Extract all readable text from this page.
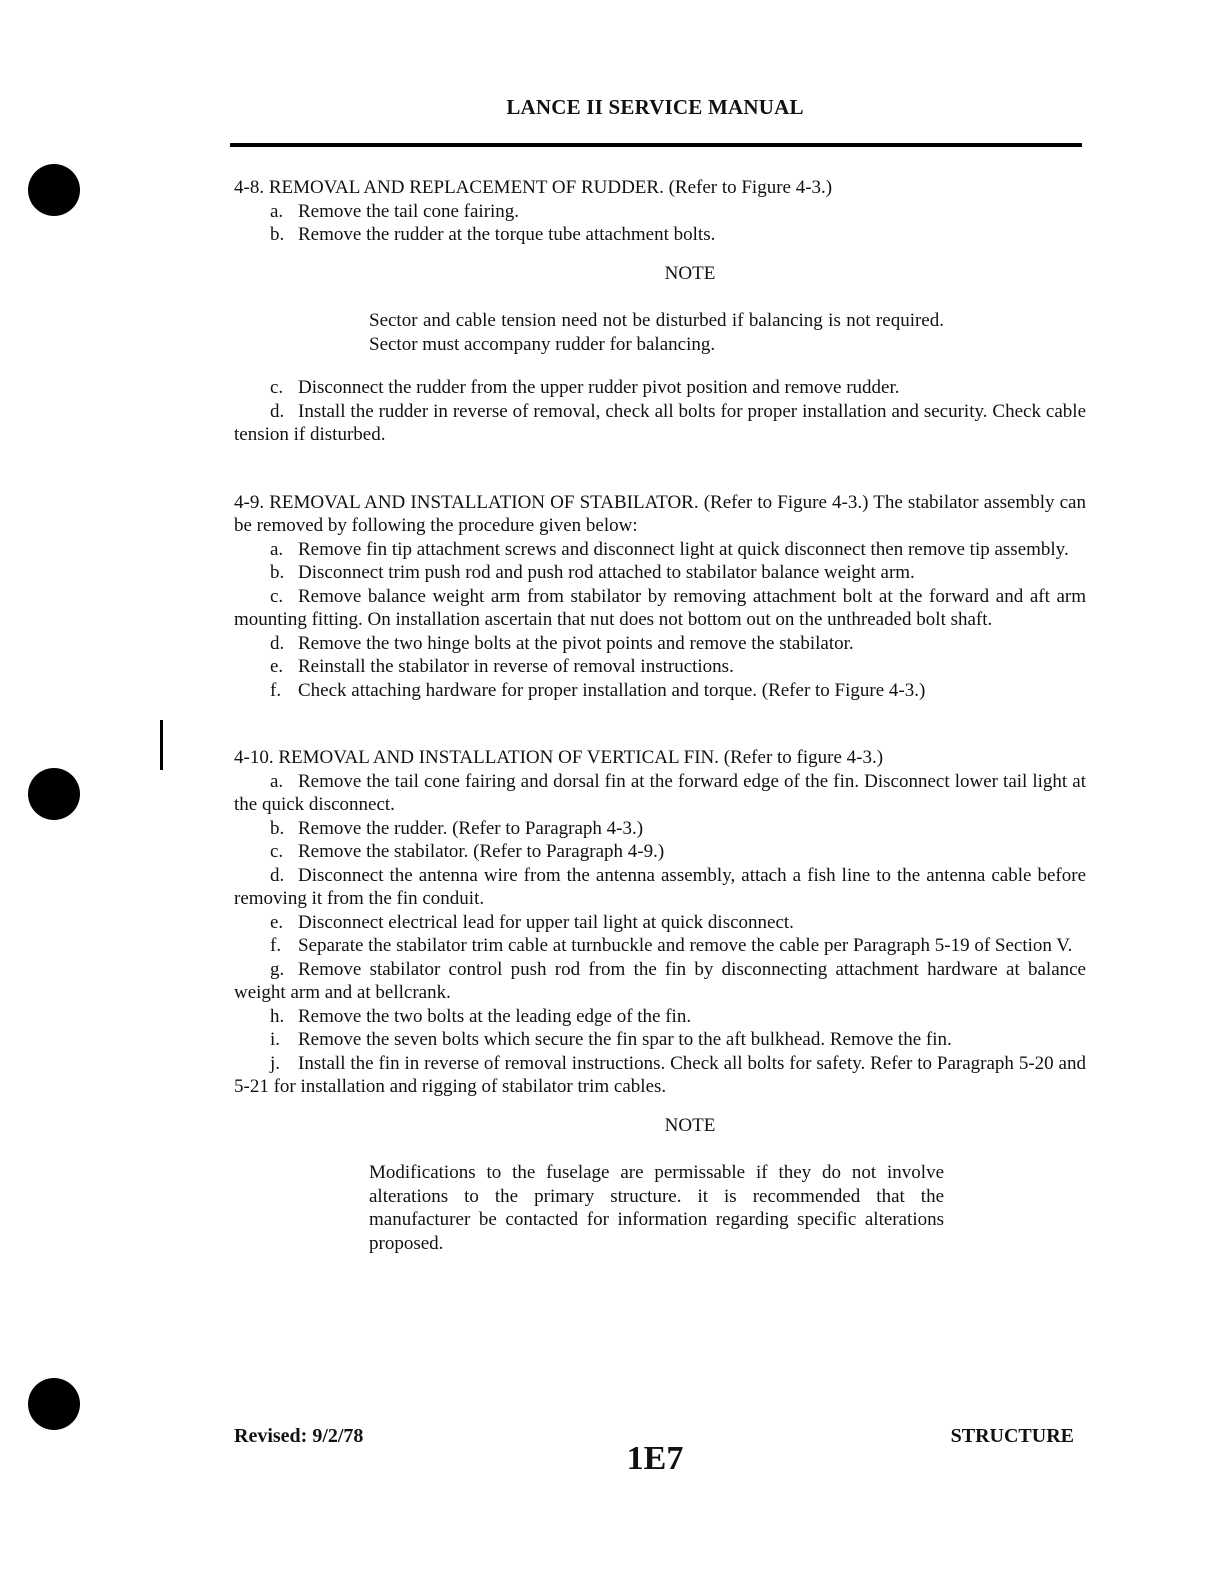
LANCE II SERVICE MANUAL
4-8. REMOVAL AND REPLACEMENT OF RUDDER. (Refer to Figure 4-3.)
a. Remove the tail cone fairing.
b. Remove the rudder at the torque tube attachment bolts.
NOTE
Sector and cable tension need not be disturbed if balancing is not required. Sector must accompany rudder for balancing.
c. Disconnect the rudder from the upper rudder pivot position and remove rudder.
d. Install the rudder in reverse of removal, check all bolts for proper installation and security. Check cable tension if disturbed.
4-9. REMOVAL AND INSTALLATION OF STABILATOR. (Refer to Figure 4-3.) The stabilator assembly can be removed by following the procedure given below:
a. Remove fin tip attachment screws and disconnect light at quick disconnect then remove tip assembly.
b. Disconnect trim push rod and push rod attached to stabilator balance weight arm.
c. Remove balance weight arm from stabilator by removing attachment bolt at the forward and aft arm mounting fitting. On installation ascertain that nut does not bottom out on the unthreaded bolt shaft.
d. Remove the two hinge bolts at the pivot points and remove the stabilator.
e. Reinstall the stabilator in reverse of removal instructions.
f. Check attaching hardware for proper installation and torque. (Refer to Figure 4-3.)
4-10. REMOVAL AND INSTALLATION OF VERTICAL FIN. (Refer to figure 4-3.)
a. Remove the tail cone fairing and dorsal fin at the forward edge of the fin. Disconnect lower tail light at the quick disconnect.
b. Remove the rudder. (Refer to Paragraph 4-3.)
c. Remove the stabilator. (Refer to Paragraph 4-9.)
d. Disconnect the antenna wire from the antenna assembly, attach a fish line to the antenna cable before removing it from the fin conduit.
e. Disconnect electrical lead for upper tail light at quick disconnect.
f. Separate the stabilator trim cable at turnbuckle and remove the cable per Paragraph 5-19 of Section V.
g. Remove stabilator control push rod from the fin by disconnecting attachment hardware at balance weight arm and at bellcrank.
h. Remove the two bolts at the leading edge of the fin.
i. Remove the seven bolts which secure the fin spar to the aft bulkhead. Remove the fin.
j. Install the fin in reverse of removal instructions. Check all bolts for safety. Refer to Paragraph 5-20 and 5-21 for installation and rigging of stabilator trim cables.
NOTE
Modifications to the fuselage are permissable if they do not involve alterations to the primary structure. it is recommended that the manufacturer be contacted for information regarding specific alterations proposed.
Revised: 9/2/78	STRUCTURE
1E7
